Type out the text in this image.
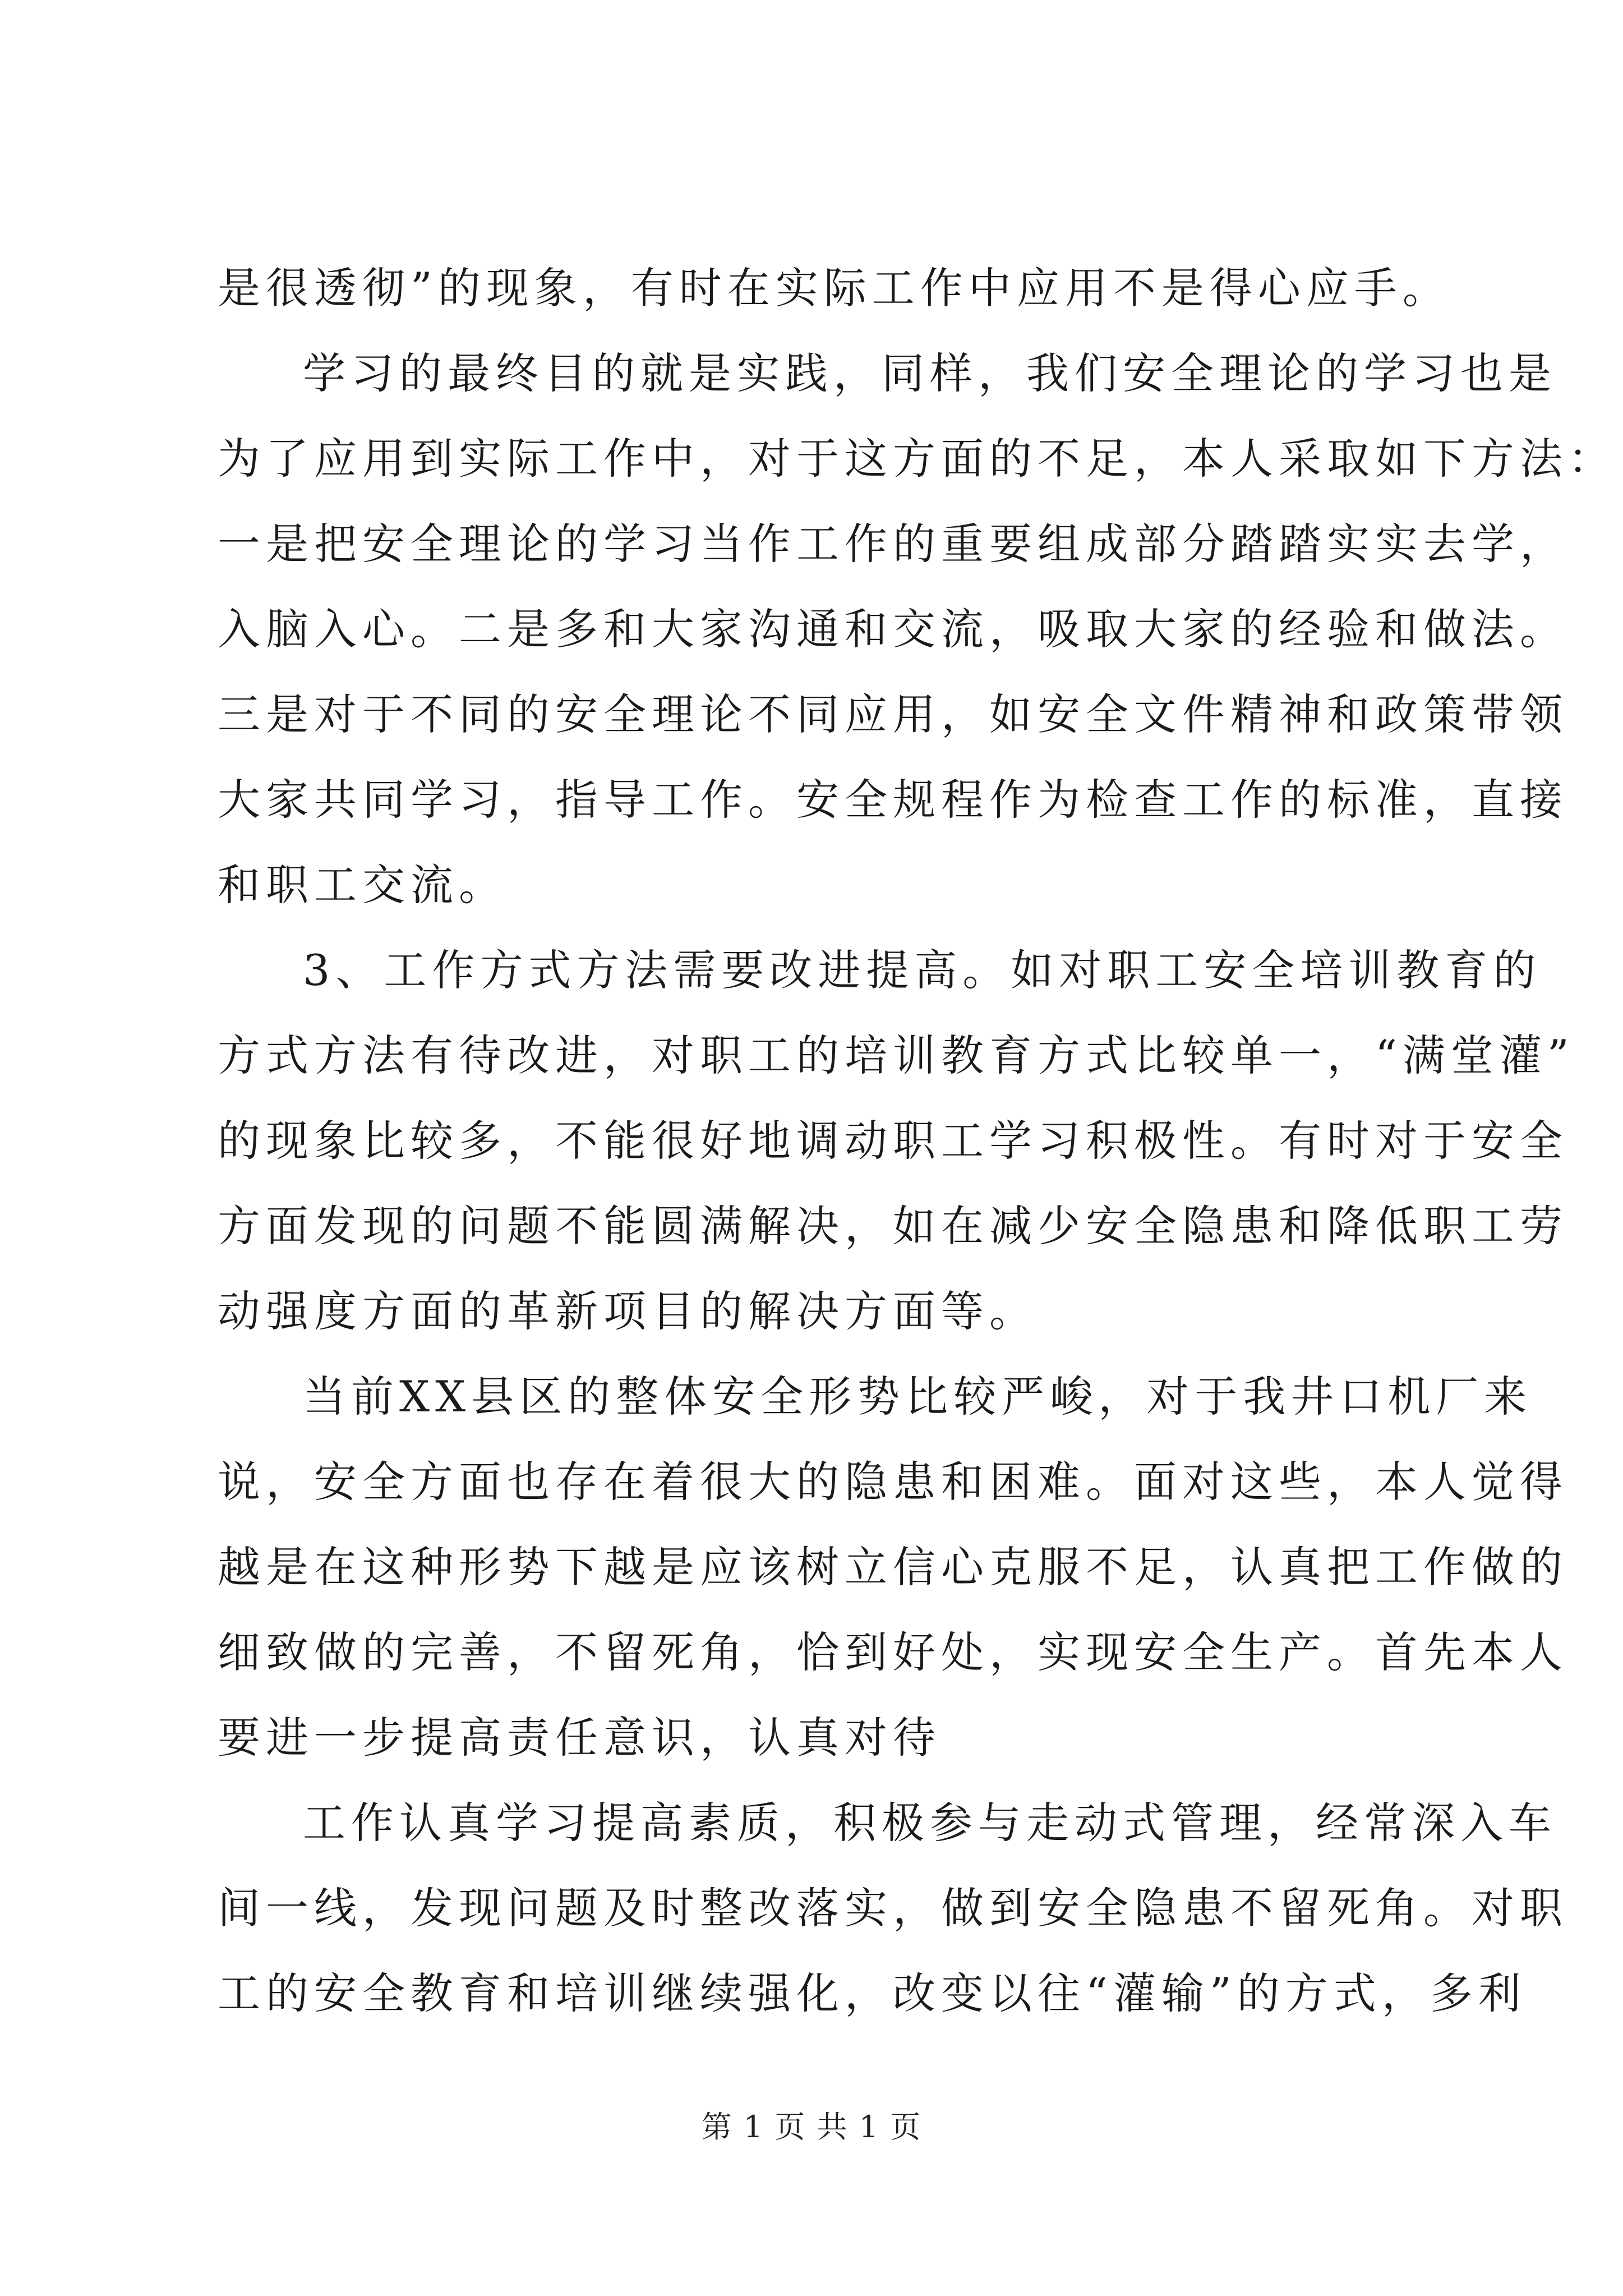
是很透彻”的现象，有时在实际工作中应用不是得心应手。
学习的最终目的就是实践，同样，我们安全理论的学习也是
为了应用到实际工作中，对于这方面的不足，本人采取如下方法：
一是把安全理论的学习当作工作的重要组成部分踏踏实实去学，
入脑入心。二是多和大家沟通和交流，吸取大家的经验和做法。
三是对于不同的安全理论不同应用，如安全文件精神和政策带领
大家共同学习，指导工作。安全规程作为检查工作的标准，直接
和职工交流。
3、工作方式方法需要改进提高。如对职工安全培训教育的
方式方法有待改进，对职工的培训教育方式比较单一，“满堂灌”
的现象比较多，不能很好地调动职工学习积极性。有时对于安全
方面发现的问题不能圆满解决，如在减少安全隐患和降低职工劳
动强度方面的革新项目的解决方面等。
当前XX县区的整体安全形势比较严峻，对于我井口机厂来
说，安全方面也存在着很大的隐患和困难。面对这些，本人觉得
越是在这种形势下越是应该树立信心克服不足，认真把工作做的
细致做的完善，不留死角，恰到好处，实现安全生产。首先本人
要进一步提高责任意识，认真对待
工作认真学习提高素质，积极参与走动式管理，经常深入车
间一线，发现问题及时整改落实，做到安全隐患不留死角。对职
工的安全教育和培训继续强化，改变以往“灌输”的方式，多利
第 1 页 共 1 页
